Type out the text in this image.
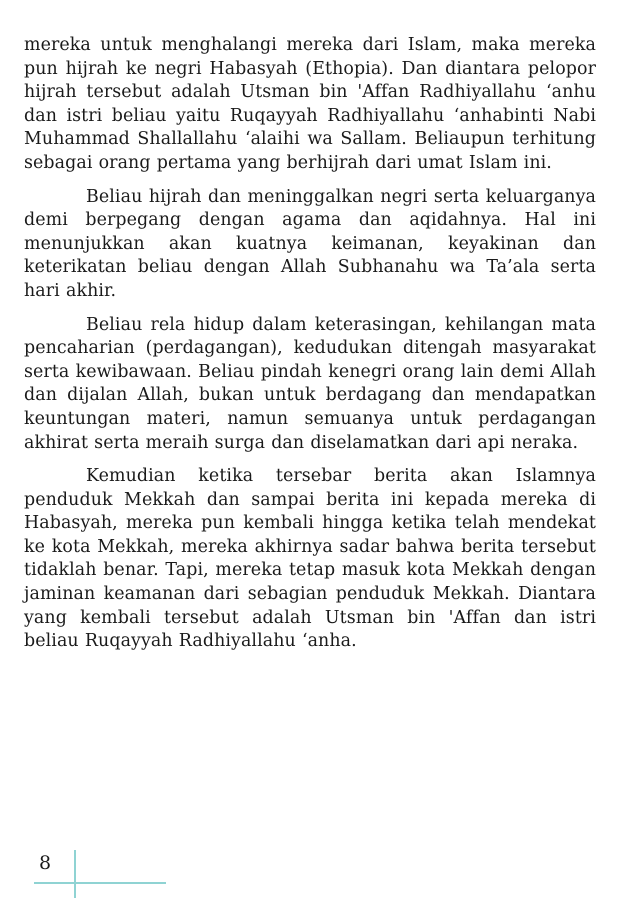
mereka untuk menghalangi mereka dari Islam, maka mereka pun hijrah ke negri Habasyah (Ethopia). Dan diantara pelopor hijrah tersebut adalah Utsman bin 'Affan Radhiyallahu ‘anhu dan istri beliau yaitu Ruqayyah Radhiyallahu ‘anhabinti Nabi Muhammad Shallallahu ‘alaihi wa Sallam. Beliaupun terhitung sebagai orang pertama yang berhijrah dari umat Islam ini.

Beliau hijrah dan meninggalkan negri serta keluarganya demi berpegang dengan agama dan aqidahnya. Hal ini menunjukkan akan kuatnya keimanan, keyakinan dan keterikatan beliau dengan Allah Subhanahu wa Ta’ala serta hari akhir.

Beliau rela hidup dalam keterasingan, kehilangan mata pencaharian (perdagangan), kedudukan ditengah masyarakat serta kewibawaan. Beliau pindah kenegri orang lain demi Allah dan dijalan Allah, bukan untuk berdagang dan mendapatkan keuntungan materi, namun semuanya untuk perdagangan akhirat serta meraih surga dan diselamatkan dari api neraka.

Kemudian ketika tersebar berita akan Islamnya penduduk Mekkah dan sampai berita ini kepada mereka di Habasyah, mereka pun kembali hingga ketika telah mendekat ke kota Mekkah, mereka akhirnya sadar bahwa berita tersebut tidaklah benar. Tapi, mereka tetap masuk kota Mekkah dengan jaminan keamanan dari sebagian penduduk Mekkah. Diantara yang kembali tersebut adalah Utsman bin 'Affan dan istri beliau Ruqayyah Radhiyallahu ‘anha.

8
